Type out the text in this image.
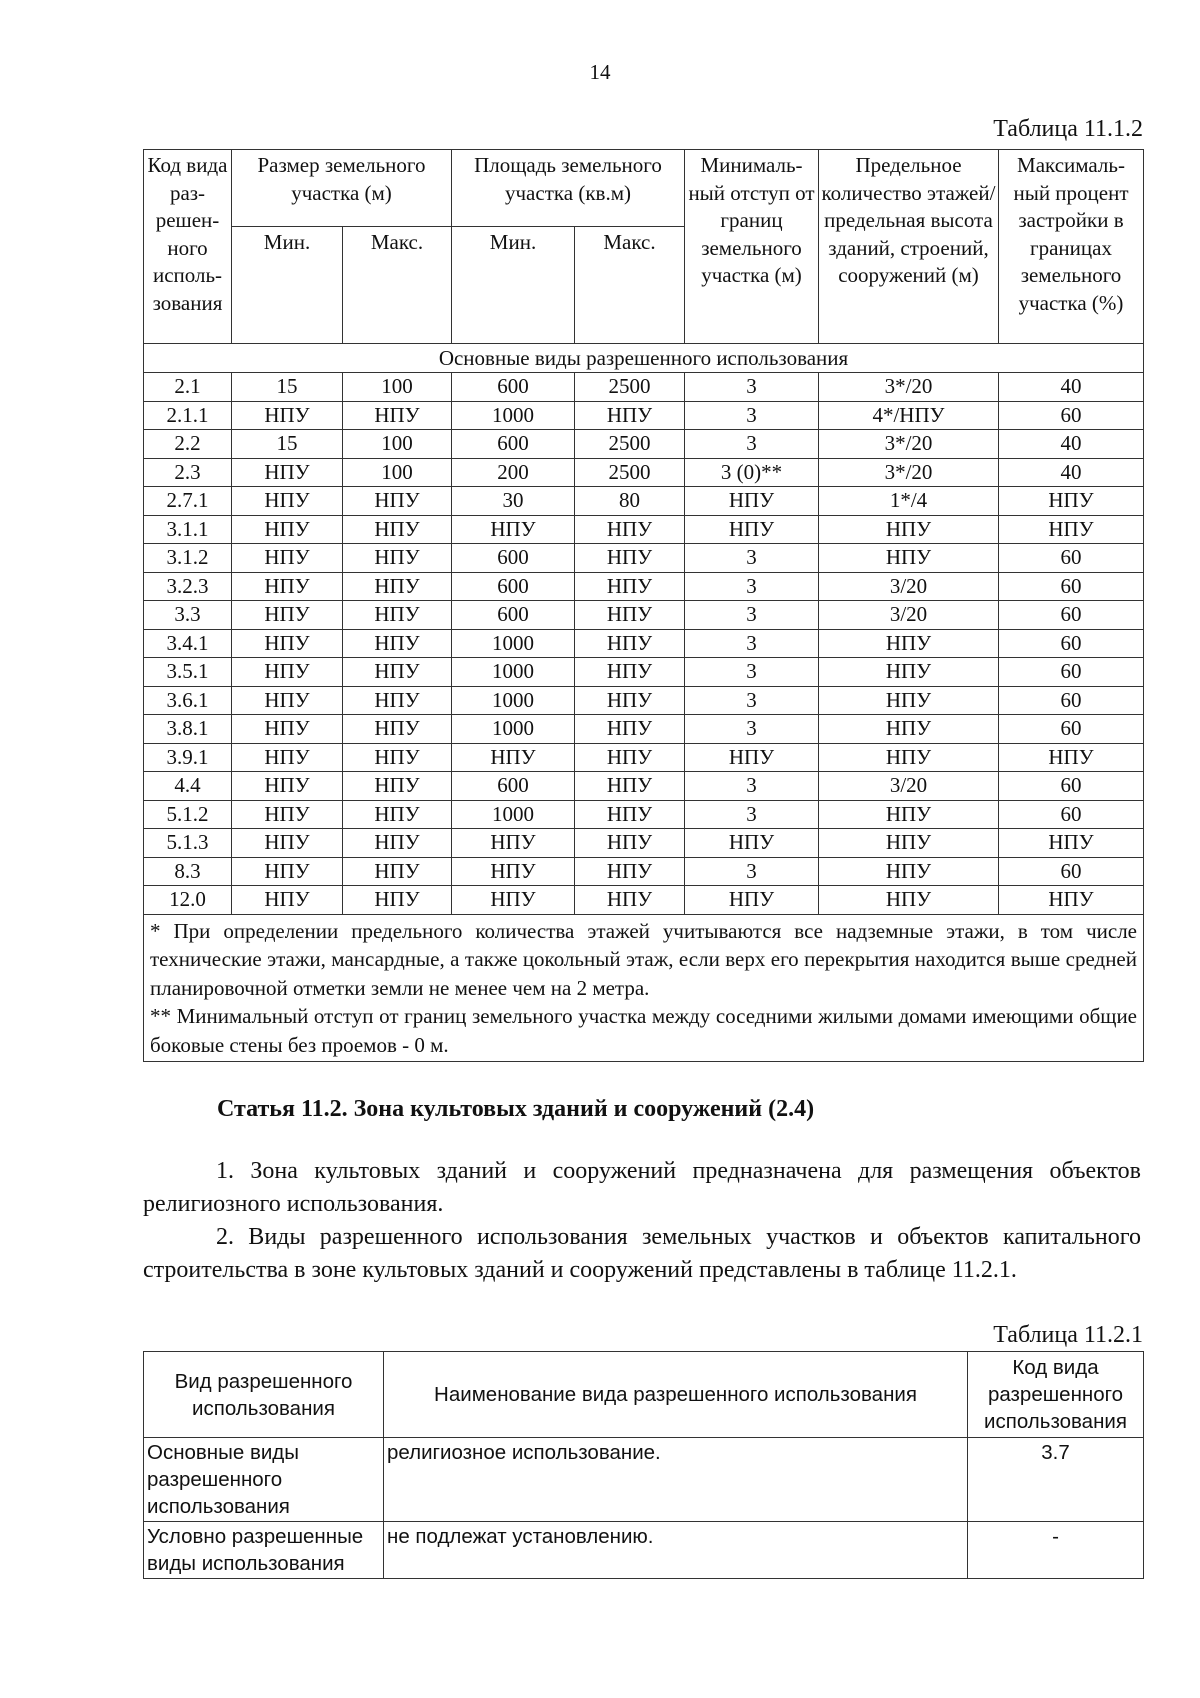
14
Таблица 11.1.2
Код вида раз-решен-ного исполь-зования	Размер земельного участка (м)		Площадь земельного участка (кв.м)		Минималь-ный отступ от границ земельного участка (м)	Предельное количество этажей/ предельная высота зданий, строений, сооружений (м)	Максималь-ный процент застройки в границах земельного участка (%)
	Мин.	Макс.	Мин.	Макс.			
Основные виды разрешенного использования							
2.1	15	100	600	2500	3	3*/20	40
2.1.1	НПУ	НПУ	1000	НПУ	3	4*/НПУ	60
2.2	15	100	600	2500	3	3*/20	40
2.3	НПУ	100	200	2500	3 (0)**	3*/20	40
2.7.1	НПУ	НПУ	30	80	НПУ	1*/4	НПУ
3.1.1	НПУ	НПУ	НПУ	НПУ	НПУ	НПУ	НПУ
3.1.2	НПУ	НПУ	600	НПУ	3	НПУ	60
3.2.3	НПУ	НПУ	600	НПУ	3	3/20	60
3.3	НПУ	НПУ	600	НПУ	3	3/20	60
3.4.1	НПУ	НПУ	1000	НПУ	3	НПУ	60
3.5.1	НПУ	НПУ	1000	НПУ	3	НПУ	60
3.6.1	НПУ	НПУ	1000	НПУ	3	НПУ	60
3.8.1	НПУ	НПУ	1000	НПУ	3	НПУ	60
3.9.1	НПУ	НПУ	НПУ	НПУ	НПУ	НПУ	НПУ
4.4	НПУ	НПУ	600	НПУ	3	3/20	60
5.1.2	НПУ	НПУ	1000	НПУ	3	НПУ	60
5.1.3	НПУ	НПУ	НПУ	НПУ	НПУ	НПУ	НПУ
8.3	НПУ	НПУ	НПУ	НПУ	3	НПУ	60
12.0	НПУ	НПУ	НПУ	НПУ	НПУ	НПУ	НПУ

* При определении предельного количества этажей учитываются все надземные этажи, в том числе технические этажи, мансардные, а также цокольный этаж, если верх его перекрытия находится выше средней планировочной отметки земли не менее чем на 2 метра.

** Минимальный отступ от границ земельного участка между соседними жилыми домами имеющими общие боковые стены без проемов - 0 м.							

Статья 11.2. Зона культовых зданий и сооружений (2.4)

1. Зона культовых зданий и сооружений предназначена для размещения объектов религиозного использования.

2. Виды разрешенного использования земельных участков и объектов капитального строительства в зоне культовых зданий и сооружений представлены в таблице 11.2.1.

Таблица 11.2.1
Вид разрешенного использования	Наименование вида разрешенного использования	Код вида разрешенного использования
Основные виды разрешенного использования	религиозное использование.	3.7
Условно разрешенные виды использования	не подлежат установлению.	-
